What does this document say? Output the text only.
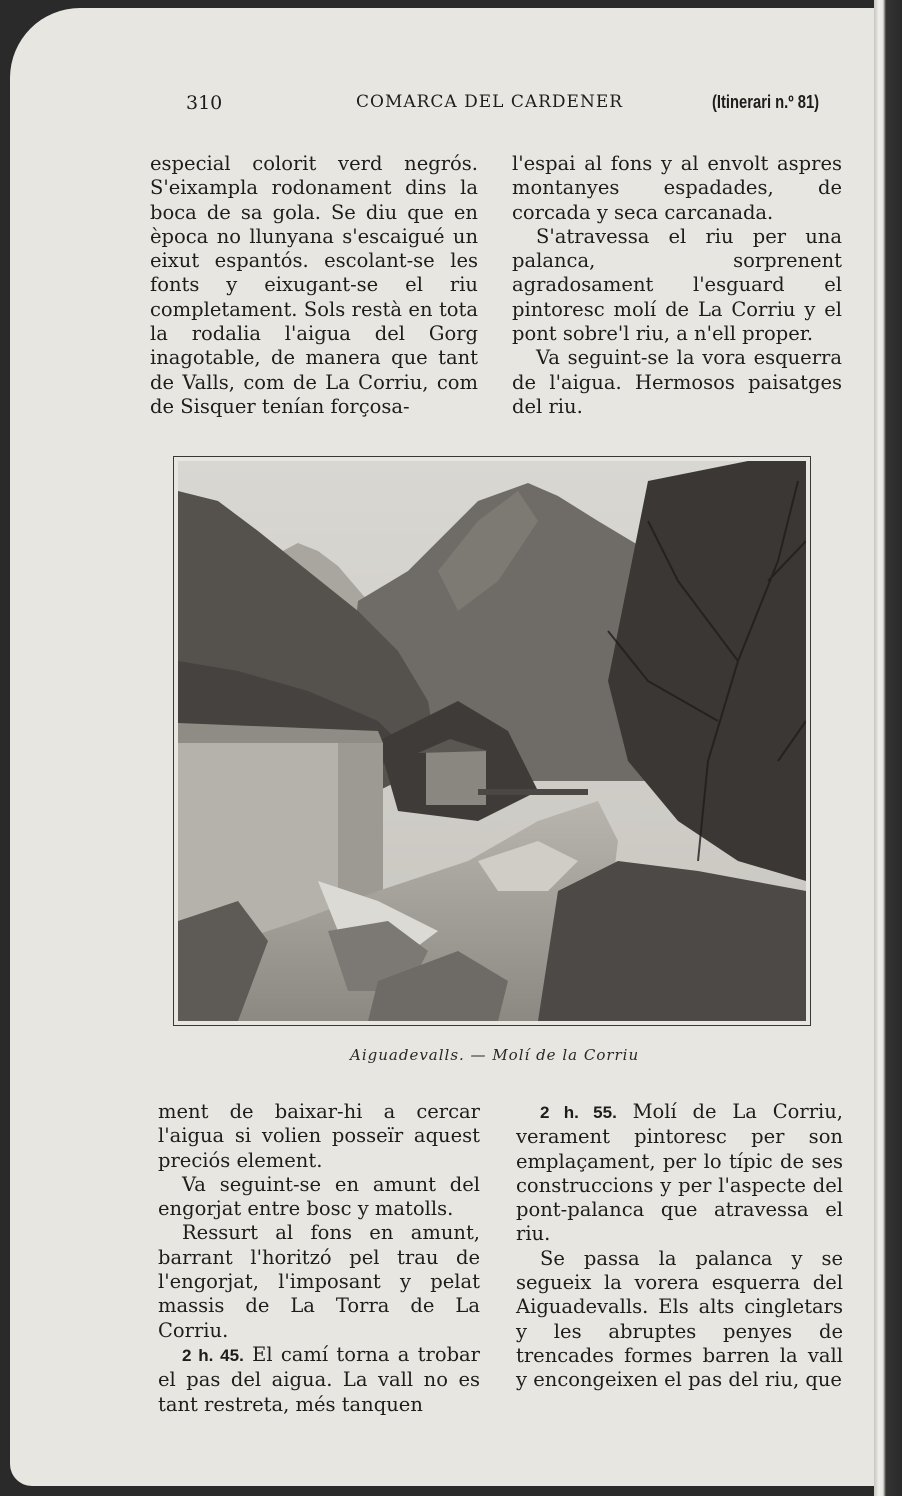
310	COMARCA DEL CARDENER	(Itinerari n.º 81)

especial colorit verd negrós. S'eixampla rodonament dins la boca de sa gola. Se diu que en època no llunyana s'escaigué un eixut espantós. escolant-se les fonts y eixugant-se el riu completament. Sols restà en tota la rodalia l'aigua del Gorg inagotable, de manera que tant de Valls, com de La Corriu, com de Sisquer tenían forçosa-

l'espai al fons y al envolt aspres montanyes espadades, de corcada y seca carcanada.

S'atravessa el riu per una palanca, sorprenent agradosament l'esguard el pintoresc molí de La Corriu y el pont sobre'l riu, a n'ell proper.

Va seguint-se la vora esquerra de l'aigua. Hermosos paisatges del riu.

Aiguadevalls. — Molí de la Corriu

ment de baixar-hi a cercar l'aigua si volien posseïr aquest preciós element.

Va seguint-se en amunt del engorjat entre bosc y matolls.

Ressurt al fons en amunt, barrant l'horitzó pel trau de l'engorjat, l'imposant y pelat massis de La Torra de La Corriu.

2 h. 45. El camí torna a trobar el pas del aigua. La vall no es tant restreta, més tanquen

2 h. 55. Molí de La Corriu, verament pintoresc per son emplaçament, per lo típic de ses construccions y per l'aspecte del pont-palanca que atravessa el riu.

Se passa la palanca y se segueix la vorera esquerra del Aiguadevalls. Els alts cingletars y les abruptes penyes de trencades formes barren la vall y encongeixen el pas del riu, que
